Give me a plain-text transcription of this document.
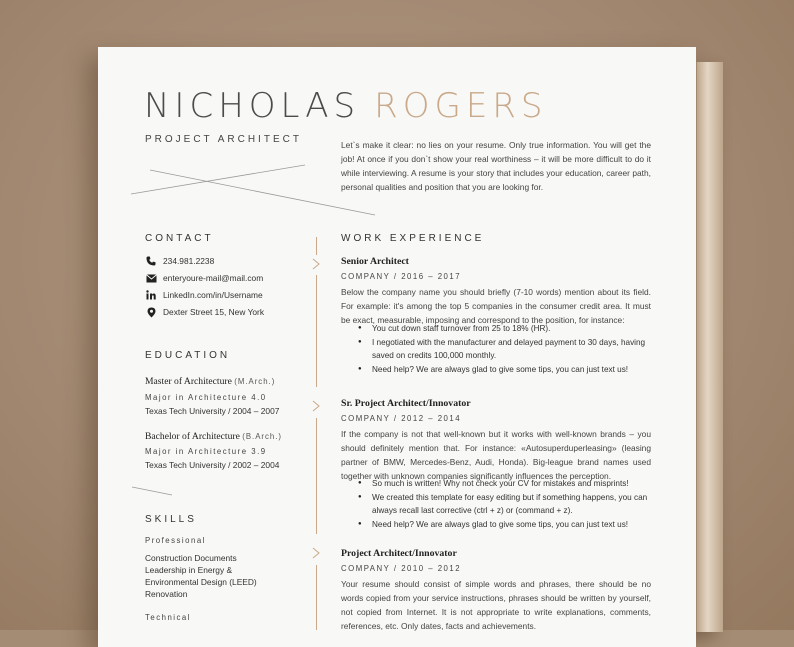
NICHOLAS ROGERS
PROJECT ARCHITECT	Let`s make it clear: no lies on your resume. Only true information. You will get the job! At once if you don`t show your real worthiness – it will be more difficult to do it while interviewing. A resume is your story that includes your education, career path, personal qualities and position that you are looking for.
CONTACT
234.981.2238
enteryoure-mail@mail.com
LinkedIn.com/in/Username
Dexter Street 15, New York
EDUCATION
Master of Architecture (M.Arch.)
Major in Architecture 4.0
Texas Tech University / 2004 – 2007
Bachelor of Architecture (B.Arch.)
Major in Architecture 3.9
Texas Tech University / 2002 – 2004
SKILLS
Professional
Construction Documents
Leadership in Energy &
Environmental Design (LEED)
Renovation
Technical
WORK EXPERIENCE
Senior Architect
COMPANY / 2016 – 2017
Below the company name you should briefly (7-10 words) mention about its field. For example: it's among the top 5 companies in the consumer credit area. It must be exact, measurable, imposing and correspond to the position, for instance:
● You cut down staff turnover from 25 to 18% (HR).
● I negotiated with the manufacturer and delayed payment to 30 days, having saved on credits 100,000 monthly.
● Need help? We are always glad to give some tips, you can just text us!
Sr. Project Architect/Innovator
COMPANY / 2012 – 2014
If the company is not that well-known but it works with well-known brands – you should definitely mention that. For instance: «Autosuperduperleasing» (leasing partner of BMW, Mercedes-Benz, Audi, Honda). Big-league brand names used together with unknown companies significantly influences the perception.
● So much is written! Why not check your CV for mistakes and misprints!
● We created this template for easy editing but if something happens, you can always recall last corrective (ctrl + z) or (command + z).
● Need help? We are always glad to give some tips, you can just text us!
Project Architect/Innovator
COMPANY / 2010 – 2012
Your resume should consist of simple words and phrases, there should be no words copied from your service instructions, phrases should be written by yourself, not copied from Internet. It is not appropriate to write explanations, comments, references, etc. Only dates, facts and achievements.
